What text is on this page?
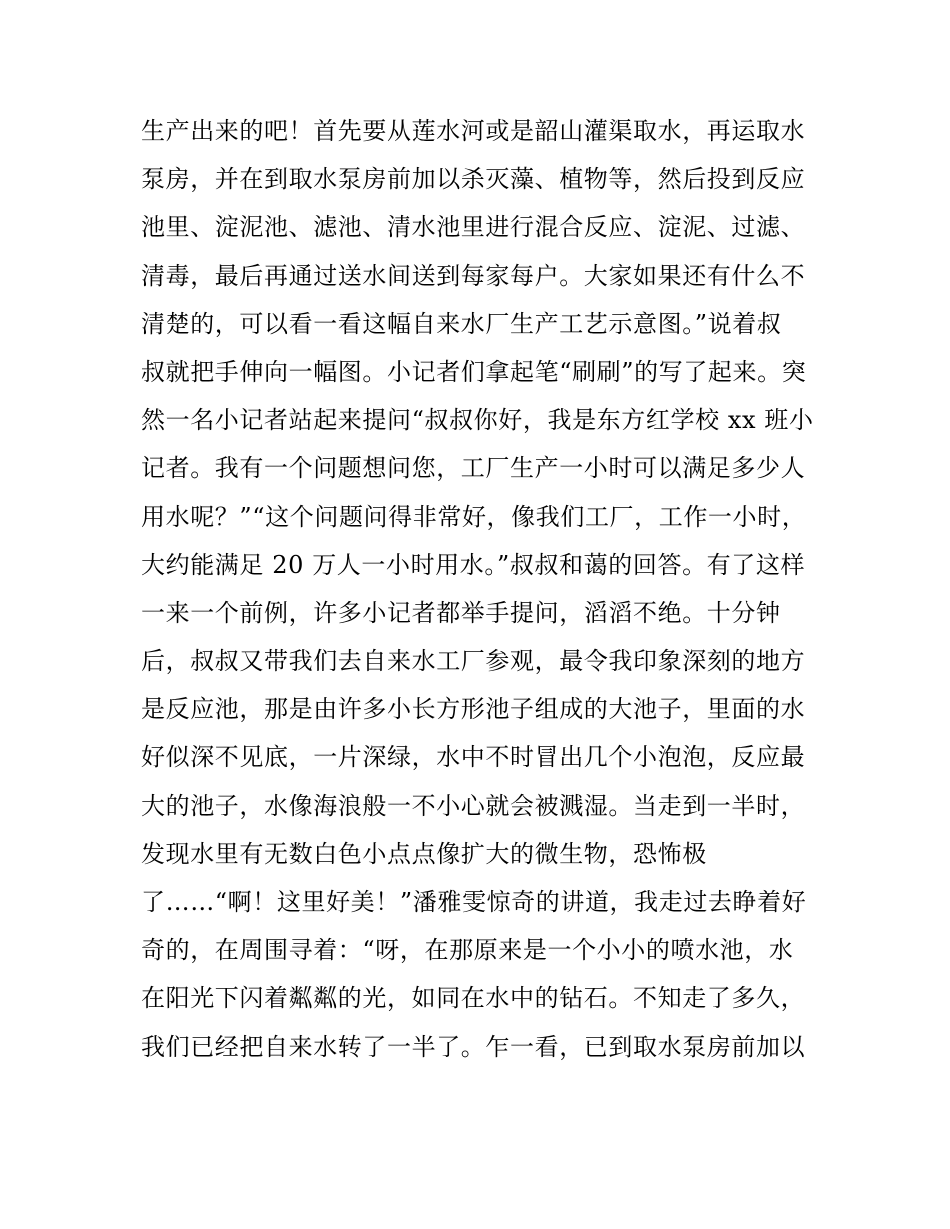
生产出来的吧！首先要从莲水河或是韶山灌渠取水，再运取水
泵房，并在到取水泵房前加以杀灭藻、植物等，然后投到反应
池里、淀泥池、滤池、清水池里进行混合反应、淀泥、过滤、
清毒，最后再通过送水间送到每家每户。大家如果还有什么不
清楚的，可以看一看这幅自来水厂生产工艺示意图。”说着叔
叔就把手伸向一幅图。小记者们拿起笔“刷刷”的写了起来。突
然一名小记者站起来提问“叔叔你好，我是东方红学校 xx 班小
记者。我有一个问题想问您，工厂生产一小时可以满足多少人
用水呢？”“这个问题问得非常好，像我们工厂，工作一小时，
大约能满足 20 万人一小时用水。”叔叔和蔼的回答。有了这样
一来一个前例，许多小记者都举手提问，滔滔不绝。十分钟
后，叔叔又带我们去自来水工厂参观，最令我印象深刻的地方
是反应池，那是由许多小长方形池子组成的大池子，里面的水
好似深不见底，一片深绿，水中不时冒出几个小泡泡，反应最
大的池子，水像海浪般一不小心就会被溅湿。当走到一半时，
发现水里有无数白色小点点像扩大的微生物，恐怖极
了……“啊！这里好美！”潘雅雯惊奇的讲道，我走过去睁着好
奇的，在周围寻着：“呀，在那原来是一个小小的喷水池，水
在阳光下闪着粼粼的光，如同在水中的钻石。不知走了多久，
我们已经把自来水转了一半了。乍一看，已到取水泵房前加以
